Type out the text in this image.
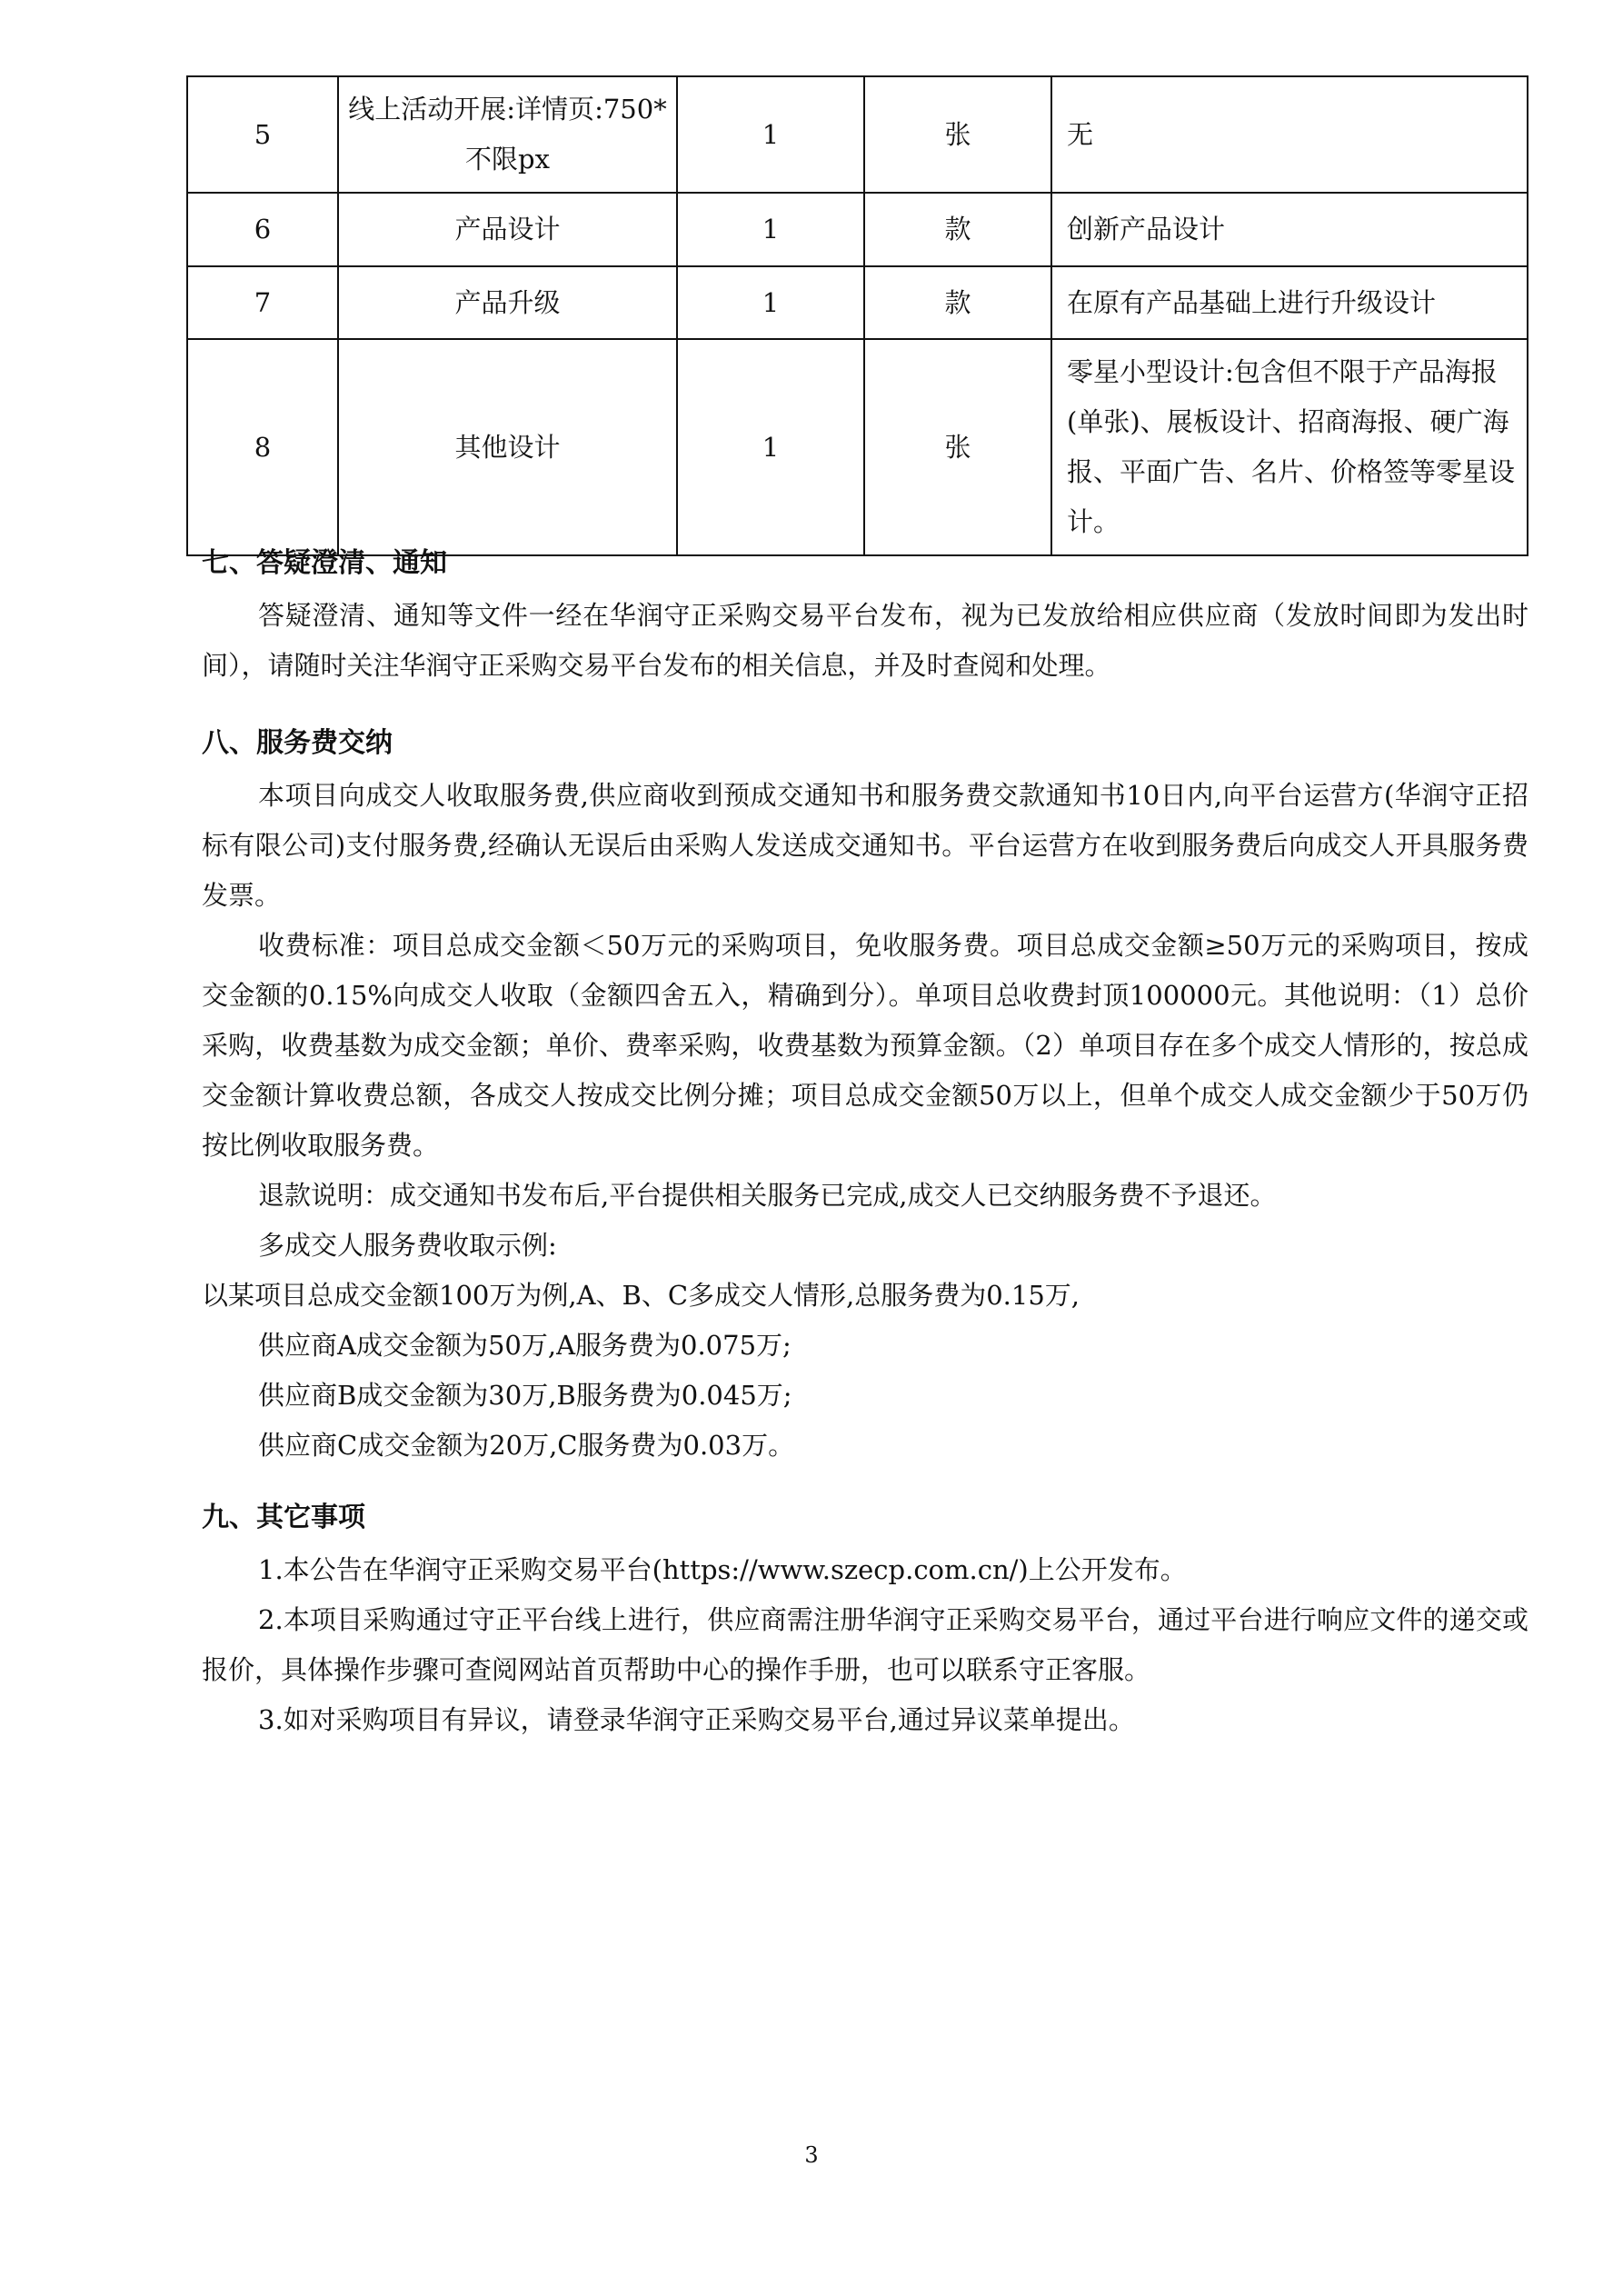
5	线上活动开展:详情页:750*不限px	1	张	无
6	产品设计	1	款	创新产品设计
7	产品升级	1	款	在原有产品基础上进行升级设计
8	其他设计	1	张	零星小型设计:包含但不限于产品海报(单张)、展板设计、招商海报、硬广海报、平面广告、名片、价格签等零星设计。
七、答疑澄清、通知
答疑澄清、通知等文件一经在华润守正采购交易平台发布，视为已发放给相应供应商（发放时间即为发出时间），请随时关注华润守正采购交易平台发布的相关信息，并及时查阅和处理。
八、服务费交纳
本项目向成交人收取服务费,供应商收到预成交通知书和服务费交款通知书10日内,向平台运营方(华润守正招标有限公司)支付服务费,经确认无误后由采购人发送成交通知书。平台运营方在收到服务费后向成交人开具服务费发票。
收费标准：项目总成交金额＜50万元的采购项目，免收服务费。项目总成交金额≥50万元的采购项目，按成交金额的0.15%向成交人收取（金额四舍五入，精确到分）。单项目总收费封顶100000元。其他说明：（1）总价采购，收费基数为成交金额；单价、费率采购，收费基数为预算金额。（2）单项目存在多个成交人情形的，按总成交金额计算收费总额，各成交人按成交比例分摊；项目总成交金额50万以上，但单个成交人成交金额少于50万仍按比例收取服务费。
退款说明：成交通知书发布后,平台提供相关服务已完成,成交人已交纳服务费不予退还。
多成交人服务费收取示例:
以某项目总成交金额100万为例,A、B、C多成交人情形,总服务费为0.15万,
供应商A成交金额为50万,A服务费为0.075万;
供应商B成交金额为30万,B服务费为0.045万;
供应商C成交金额为20万,C服务费为0.03万。
九、其它事项
1.本公告在华润守正采购交易平台(https://www.szecp.com.cn/)上公开发布。
2.本项目采购通过守正平台线上进行，供应商需注册华润守正采购交易平台，通过平台进行响应文件的递交或报价，具体操作步骤可查阅网站首页帮助中心的操作手册，也可以联系守正客服。
3.如对采购项目有异议，请登录华润守正采购交易平台,通过异议菜单提出。
3
